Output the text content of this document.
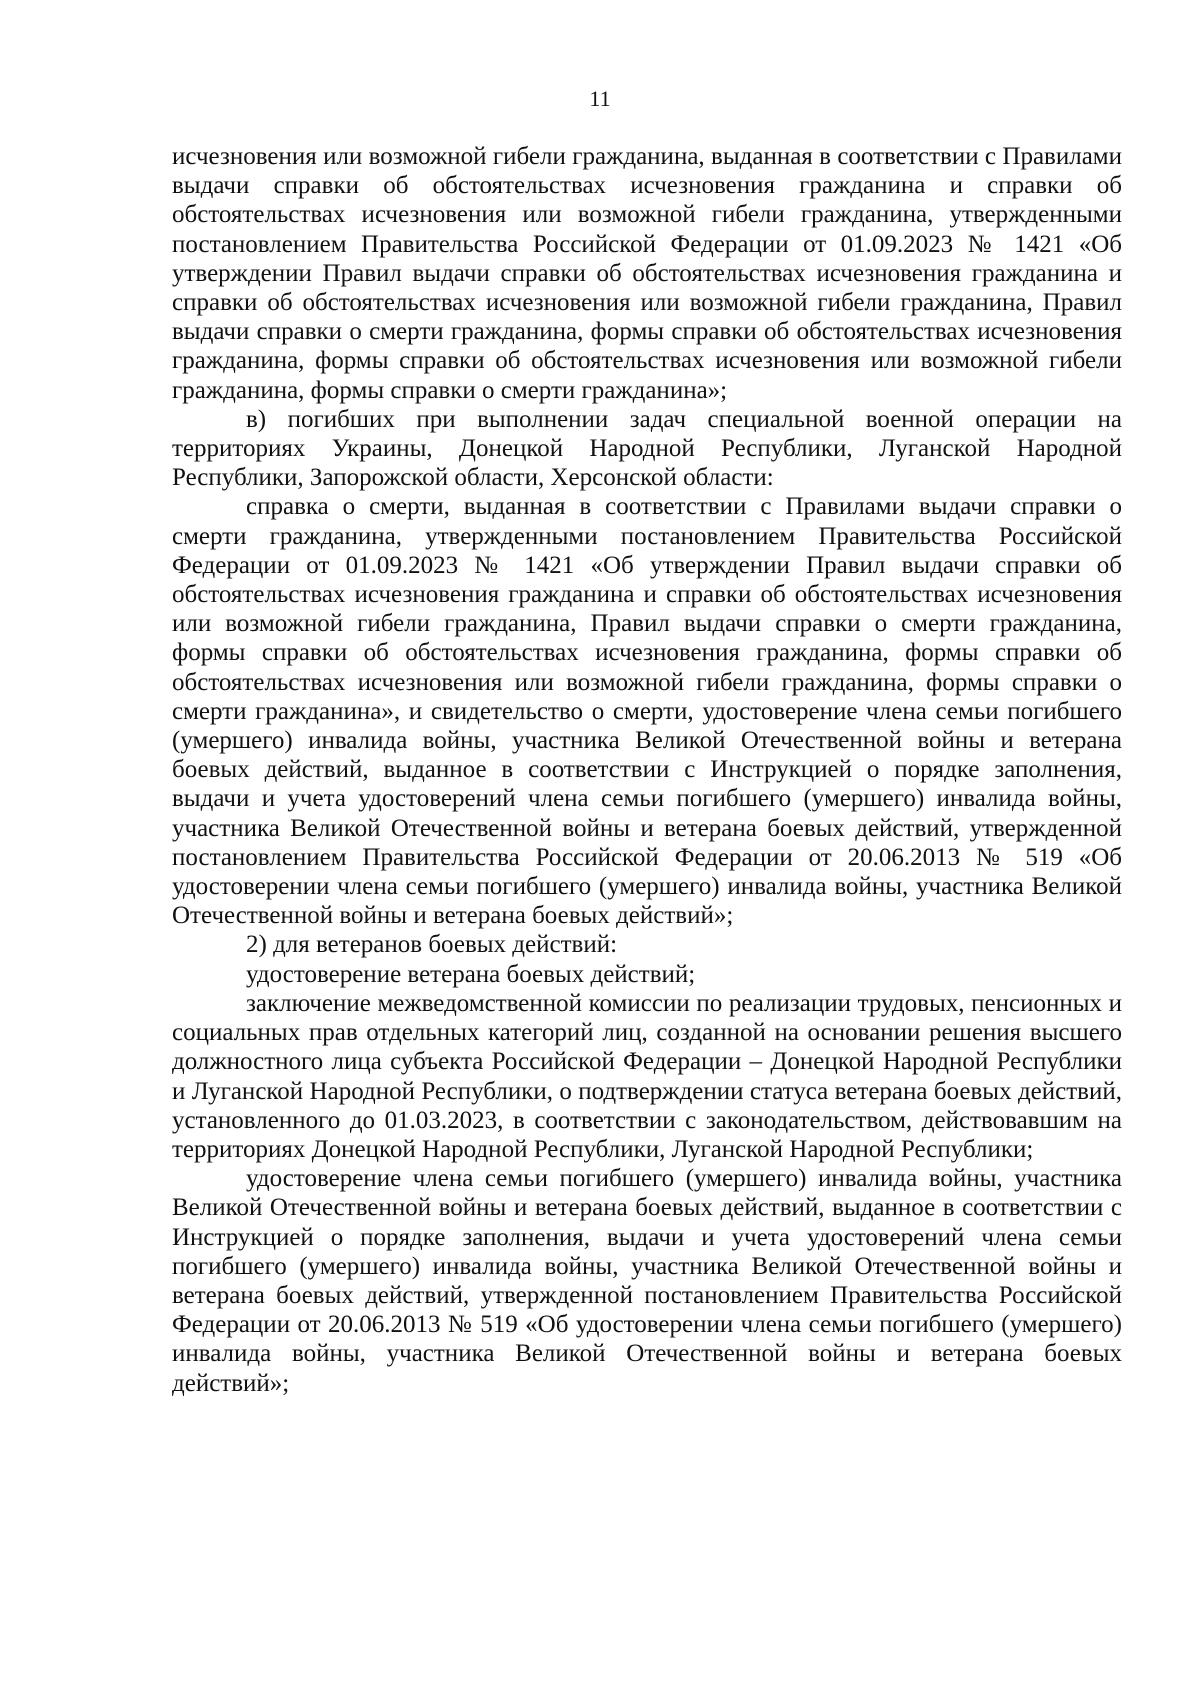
11

исчезновения или возможной гибели гражданина, выданная в соответствии с Правилами выдачи справки об обстоятельствах исчезновения гражданина и справки об обстоятельствах исчезновения или возможной гибели гражданина, утвержденными постановлением Правительства Российской Федерации от 01.09.2023 № 1421 «Об утверждении Правил выдачи справки об обстоятельствах исчезновения гражданина и справки об обстоятельствах исчезновения или возможной гибели гражданина, Правил выдачи справки о смерти гражданина, формы справки об обстоятельствах исчезновения гражданина, формы справки об обстоятельствах исчезновения или возможной гибели гражданина, формы справки о смерти гражданина»;

в) погибших при выполнении задач специальной военной операции на территориях Украины, Донецкой Народной Республики, Луганской Народной Республики, Запорожской области, Херсонской области:

справка о смерти, выданная в соответствии с Правилами выдачи справки о смерти гражданина, утвержденными постановлением Правительства Российской Федерации от 01.09.2023 № 1421 «Об утверждении Правил выдачи справки об обстоятельствах исчезновения гражданина и справки об обстоятельствах исчезновения или возможной гибели гражданина, Правил выдачи справки о смерти гражданина, формы справки об обстоятельствах исчезновения гражданина, формы справки об обстоятельствах исчезновения или возможной гибели гражданина, формы справки о смерти гражданина», и свидетельство о смерти, удостоверение члена семьи погибшего (умершего) инвалида войны, участника Великой Отечественной войны и ветерана боевых действий, выданное в соответствии с Инструкцией о порядке заполнения, выдачи и учета удостоверений члена семьи погибшего (умершего) инвалида войны, участника Великой Отечественной войны и ветерана боевых действий, утвержденной постановлением Правительства Российской Федерации от 20.06.2013 № 519 «Об удостоверении члена семьи погибшего (умершего) инвалида войны, участника Великой Отечественной войны и ветерана боевых действий»;

2) для ветеранов боевых действий:

удостоверение ветерана боевых действий;

заключение межведомственной комиссии по реализации трудовых, пенсионных и социальных прав отдельных категорий лиц, созданной на основании решения высшего должностного лица субъекта Российской Федерации – Донецкой Народной Республики и Луганской Народной Республики, о подтверждении статуса ветерана боевых действий, установленного до 01.03.2023, в соответствии с законодательством, действовавшим на территориях Донецкой Народной Республики, Луганской Народной Республики;

удостоверение члена семьи погибшего (умершего) инвалида войны, участника Великой Отечественной войны и ветерана боевых действий, выданное в соответствии с Инструкцией о порядке заполнения, выдачи и учета удостоверений члена семьи погибшего (умершего) инвалида войны, участника Великой Отечественной войны и ветерана боевых действий, утвержденной постановлением Правительства Российской Федерации от 20.06.2013 № 519 «Об удостоверении члена семьи погибшего (умершего) инвалида войны, участника Великой Отечественной войны и ветерана боевых действий»;
